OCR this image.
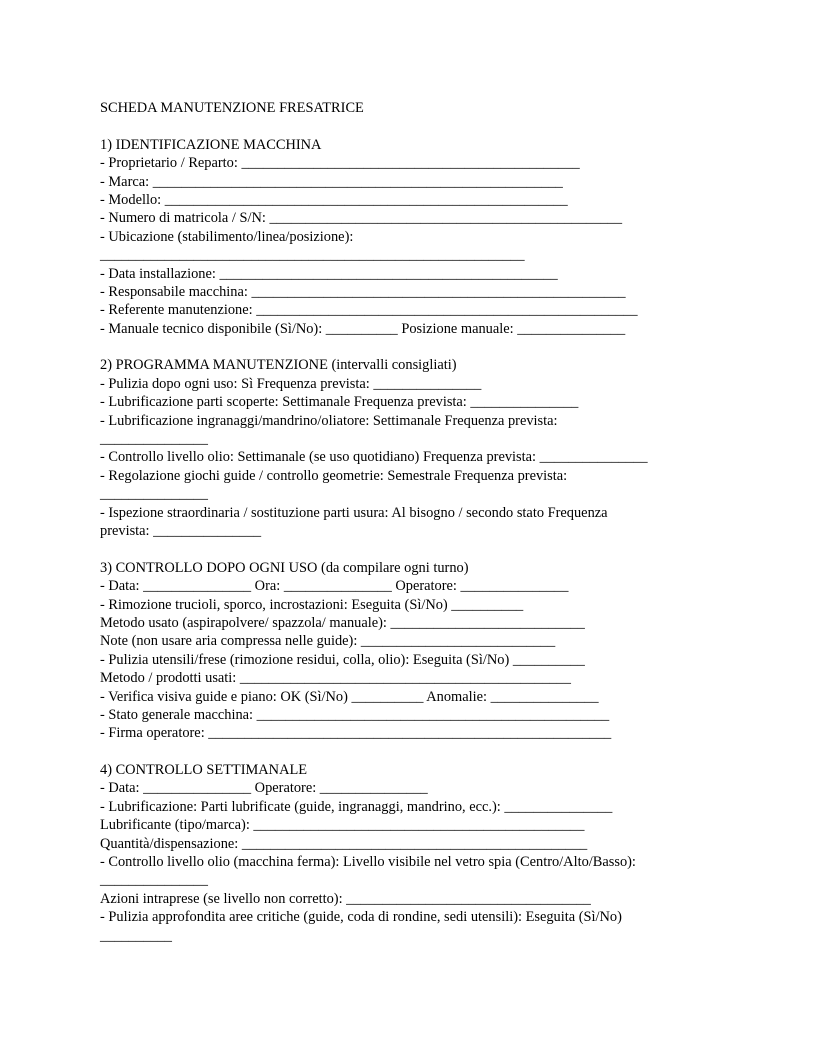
SCHEDA MANUTENZIONE FRESATRICE
1) IDENTIFICAZIONE MACCHINA
- Proprietario / Reparto: _______________________________________________
- Marca: _________________________________________________________
- Modello: ________________________________________________________
- Numero di matricola / S/N: _________________________________________________
- Ubicazione (stabilimento/linea/posizione):
___________________________________________________________
- Data installazione: _______________________________________________
- Responsabile macchina: ____________________________________________________
- Referente manutenzione: _____________________________________________________
- Manuale tecnico disponibile (Sì/No): __________ Posizione manuale: _______________
2) PROGRAMMA MANUTENZIONE (intervalli consigliati)
- Pulizia dopo ogni uso: Sì Frequenza prevista: _______________
- Lubrificazione parti scoperte: Settimanale Frequenza prevista: _______________
- Lubrificazione ingranaggi/mandrino/oliatore: Settimanale Frequenza prevista:
_______________
- Controllo livello olio: Settimanale (se uso quotidiano) Frequenza prevista: _______________
- Regolazione giochi guide / controllo geometrie: Semestrale Frequenza prevista:
_______________
- Ispezione straordinaria / sostituzione parti usura: Al bisogno / secondo stato Frequenza
prevista: _______________
3) CONTROLLO DOPO OGNI USO (da compilare ogni turno)
- Data: _______________ Ora: _______________ Operatore: _______________
- Rimozione trucioli, sporco, incrostazioni: Eseguita (Sì/No) __________
Metodo usato (aspirapolvere/ spazzola/ manuale): ___________________________
Note (non usare aria compressa nelle guide): ___________________________
- Pulizia utensili/frese (rimozione residui, colla, olio): Eseguita (Sì/No) __________
Metodo / prodotti usati: ______________________________________________
- Verifica visiva guide e piano: OK (Sì/No) __________ Anomalie: _______________
- Stato generale macchina: _________________________________________________
- Firma operatore: ________________________________________________________
4) CONTROLLO SETTIMANALE
- Data: _______________ Operatore: _______________
- Lubrificazione: Parti lubrificate (guide, ingranaggi, mandrino, ecc.): _______________
Lubrificante (tipo/marca): ______________________________________________
Quantità/dispensazione: ________________________________________________
- Controllo livello olio (macchina ferma): Livello visibile nel vetro spia (Centro/Alto/Basso):
_______________
Azioni intraprese (se livello non corretto): __________________________________
- Pulizia approfondita aree critiche (guide, coda di rondine, sedi utensili): Eseguita (Sì/No)
__________
